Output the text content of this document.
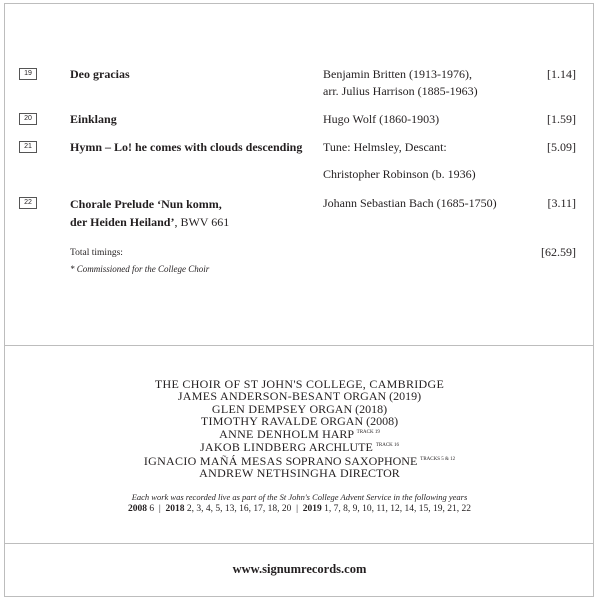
19	Deo gracias	Benjamin Britten (1913-1976),
arr. Julius Harrison (1885-1963)
[1.14]
20	Einklang	Hugo Wolf (1860-1903)	[1.59]
21	Hymn – Lo! he comes with clouds descending	Tune: Helmsley, Descant:
Christopher Robinson (b. 1936)
[5.09]
22	Chorale Prelude ‘Nun komm,
der Heiden Heiland’, BWV 661
Johann Sebastian Bach (1685-1750)	[3.11]
Total timings:	[62.59]
* Commissioned for the College Choir
THE CHOIR OF ST JOHN'S COLLEGE, CAMBRIDGE
JAMES ANDERSON-BESANT ORGAN (2019)
GLEN DEMPSEY ORGAN (2018)
TIMOTHY RAVALDE ORGAN (2008)
ANNE DENHOLM HARP $^{TRACK 19}$
JAKOB LINDBERG ARCHLUTE $^{TRACK 16}$
IGNACIO MAÑÁ MESAS SOPRANO SAXOPHONE $^{TRACKS 5 \& 12}$
ANDREW NETHSINGHA DIRECTOR
Each work was recorded live as part of the St John's College Advent Service in the following years
2008 6  |  2018 2, 3, 4, 5, 13, 16, 17, 18, 20  |  2019 1, 7, 8, 9, 10, 11, 12, 14, 15, 19, 21, 22
www.signumrecords.com
